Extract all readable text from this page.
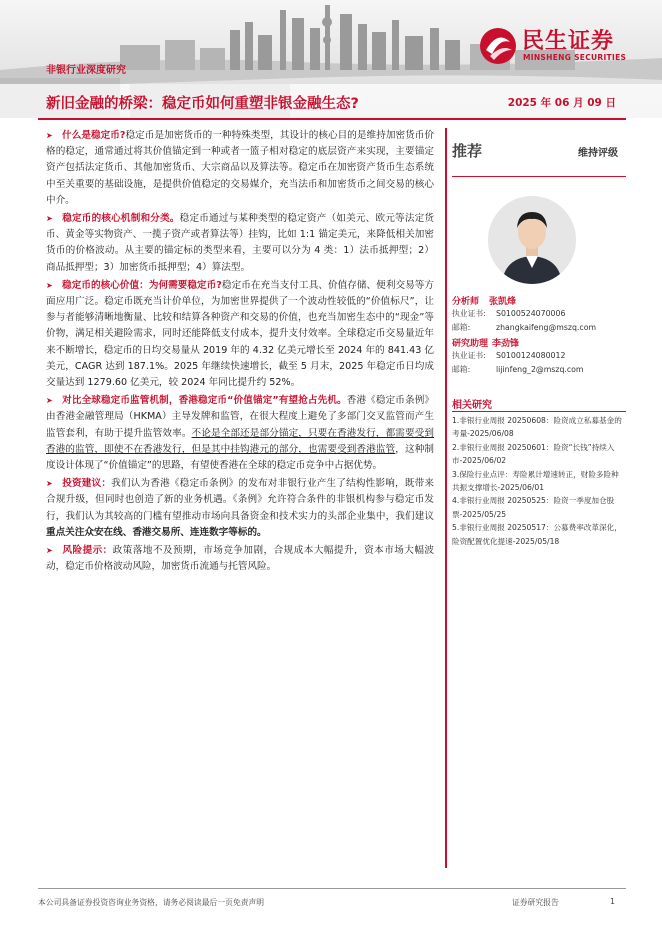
民生证券
MINSHENG SECURITIES
非银行业深度研究
新旧金融的桥梁：稳定币如何重塑非银金融生态?	2025 年 06 月 09 日

➤ 什么是稳定币?稳定币是加密货币的一种特殊类型，其设计的核心目的是维持加密货币价格的稳定，通常通过将其价值锚定到一种或者一篮子相对稳定的底层资产来实现，主要锚定资产包括法定货币、其他加密货币、大宗商品以及算法等。稳定币在加密资产货币生态系统中至关重要的基础设施，是提供价值稳定的交易媒介，充当法币和加密货币之间交易的核心中介。

➤ 稳定币的核心机制和分类。稳定币通过与某种类型的稳定资产（如美元、欧元等法定货币、黄金等实物资产、一揽子资产或者算法等）挂钩，比如 1:1 锚定美元，来降低相关加密货币的价格波动。从主要的锚定标的类型来看，主要可以分为 4 类：1）法币抵押型；2）商品抵押型；3）加密货币抵押型；4）算法型。

➤ 稳定币的核心价值：为何需要稳定币?稳定币在充当支付工具、价值存储、便利交易等方面应用广泛。稳定币既充当计价单位，为加密世界提供了一个波动性较低的“价值标尺”，让参与者能够清晰地衡量、比较和结算各种资产和交易的价值，也充当加密生态中的“现金”等价物，满足相关避险需求，同时还能降低支付成本，提升支付效率。全球稳定币交易量近年来不断增长，稳定币的日均交易量从 2019 年的 4.32 亿美元增长至 2024 年的 841.43 亿美元，CAGR 达到 187.1%。2025 年继续快速增长，截至 5 月末，2025 年稳定币日均成交量达到 1279.60 亿美元，较 2024 年同比提升约 52%。

➤ 对比全球稳定币监管机制，香港稳定币“价值锚定”有望抢占先机。香港《稳定币条例》由香港金融管理局（HKMA）主导发牌和监管，在很大程度上避免了多部门交叉监管而产生监管套利，有助于提升监管效率。不论是全部还是部分锚定，只要在香港发行，都需要受到香港的监管，即使不在香港发行，但是其中挂钩港元的部分，也需要受到香港监管，这种制度设计体现了“价值锚定”的思路，有望使香港在全球的稳定币竞争中占据优势。

➤ 投资建议：我们认为香港《稳定币条例》的发布对非银行业产生了结构性影响，既带来合规升级，但同时也创造了新的业务机遇。《条例》允许符合条件的非银机构参与稳定币发行，我们认为其较高的门槛有望推动市场向具备资金和技术实力的头部企业集中，我们建议重点关注众安在线、香港交易所、连连数字等标的。

➤ 风险提示：政策落地不及预期，市场竞争加剧，合规成本大幅提升，资本市场大幅波动，稳定币价格波动风险，加密货币流通与托管风险。

推荐	维持评级
分析师 张凯烽
执业证书: S0100524070006
邮箱:	zhangkaifeng@mszq.com
研究助理 李劲锋
执业证书: S0100124080012
邮箱:	lijinfeng_2@mszq.com
相关研究
1.非银行业周报 20250608：险资成立私募基金的考量-2025/06/08
2.非银行业周报 20250601：险资“长钱”持续入市-2025/06/02
3.保险行业点评：寿险累计增速转正，财险多险种共振支撑增长-2025/06/01
4.非银行业周报 20250525：险资一季度加仓股票-2025/05/25
5.非银行业周报 20250517：公募费率改革深化，险资配置优化提速-2025/05/18
本公司具备证券投资咨询业务资格，请务必阅读最后一页免责声明	证券研究报告	1
